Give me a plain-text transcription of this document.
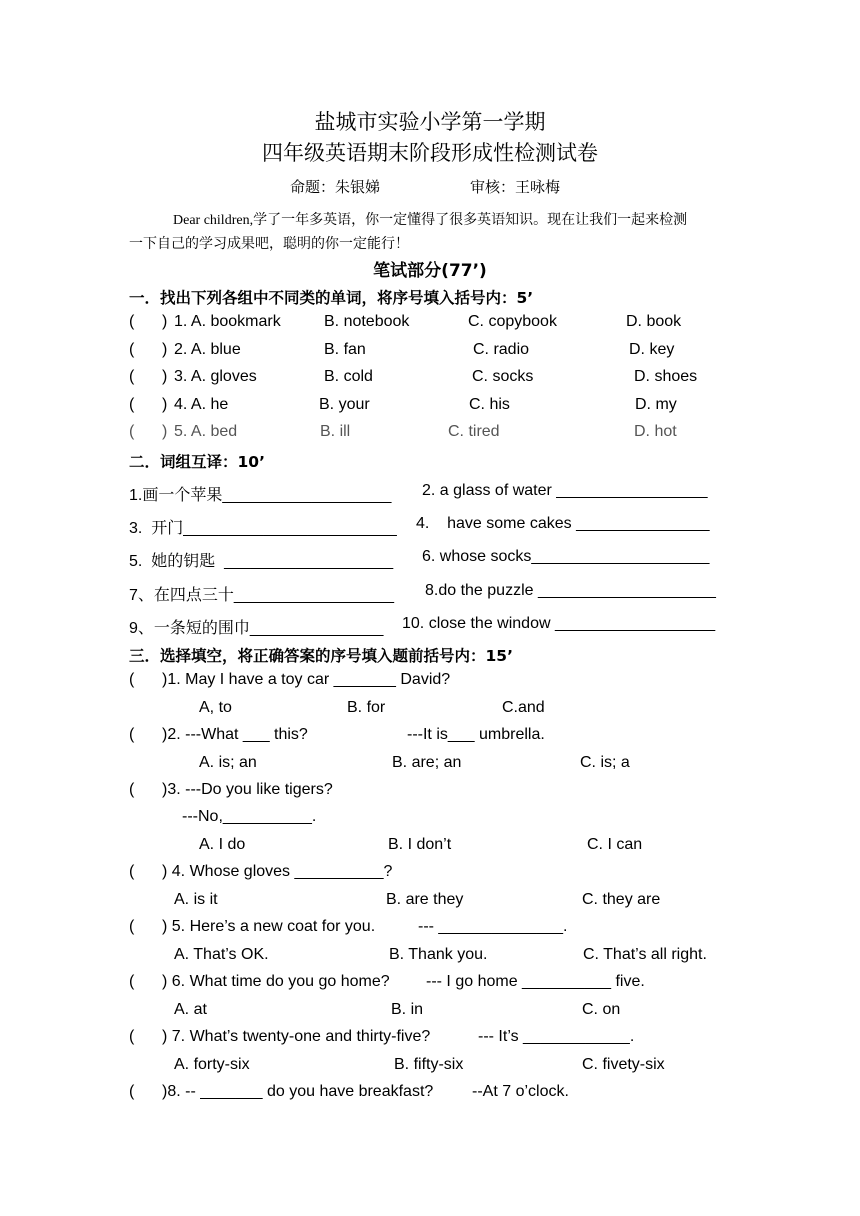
盐城市实验小学第一学期
四年级英语期末阶段形成性检测试卷
命题：朱银娣	审核：王咏梅
Dear children,学了一年多英语，你一定懂得了很多英语知识。现在让我们一起来检测
一下自己的学习成果吧，聪明的你一定能行！
笔试部分(77’)
一．找出下列各组中不同类的单词，将序号填入括号内：5’
( ) 1. A. bookmark	B. notebook	C. copybook	D. book
( ) 2. A. blue	B. fan	C. radio	D. key
( ) 3. A. gloves	B. cold	C. socks	D. shoes
( ) 4. A. he	B. your	C. his	D. my
( ) 5. A. bed	B. ill	C. tired	D. hot
二．词组互译：10’
1.画一个苹果___________________ 2. a glass of water _________________
3.  开门________________________ 4.    have some cakes _______________
5.  她的钥匙  ___________________ 6. whose socks____________________
7、在四点三十__________________ 8.do the puzzle ____________________
9、一条短的围巾_______________ 10. close the window __________________
三．选择填空，将正确答案的序号填入题前括号内：15’
( )1. May I have a toy car _______ David?
A, to	B. for	C.and
( )2. ---What ___ this?	---It is___ umbrella.
A. is; an	B. are; an	C. is; a
( )3. ---Do you like tigers?
---No,__________.
A. I do	B. I don’t	C. I can
( ) 4. Whose gloves __________?
A. is it	B. are they	C. they are
( ) 5. Here’s a new coat for you.	--- ______________.
A. That’s OK.	B. Thank you.	C. That’s all right.
( ) 6. What time do you go home? --- I go home __________ five.
A. at	B. in	C. on
( ) 7. What’s twenty-one and thirty-five?	--- It’s ____________.
A. forty-six	B. fifty-six	C. fivety-six
( )8. -- _______ do you have breakfast? --At 7 o’clock.
